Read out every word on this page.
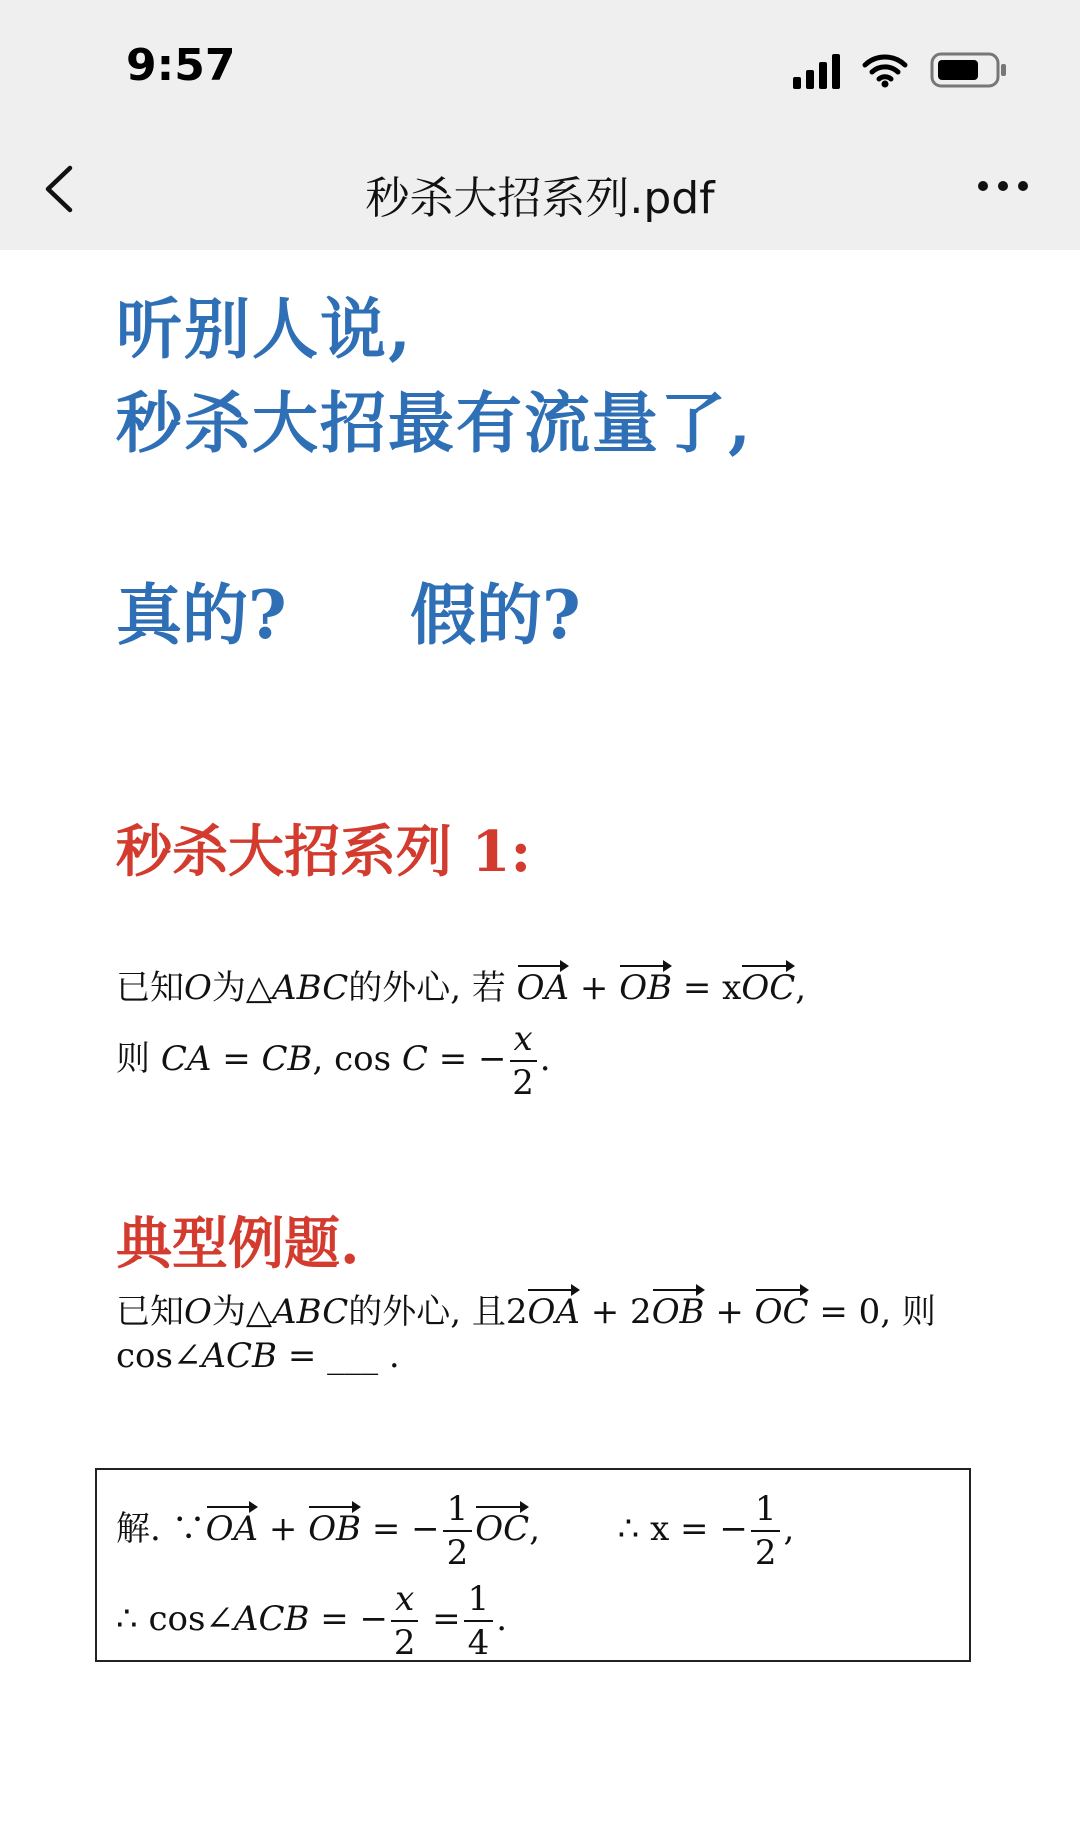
9:57
秒杀大招系列.pdf
听别人说,
秒杀大招最有流量了,
真的? 假的?
秒杀大招系列 1:
已知O为△ABC的外心, 若 OA + OB = xOC,
则 CA = CB, cos C = − $\frac{x}{2}$ .
典型例题.
已知O为△ABC的外心, 且2OA + 2OB + OC = 0, 则
cos∠ACB = ___ .
解. ∵OA + OB = − $\frac{1}{2}$ OC, ∴ x = − $\frac{1}{2}$ ,
∴ cos∠ACB = − $\frac{x}{2} = \frac{1}{4}$ .
